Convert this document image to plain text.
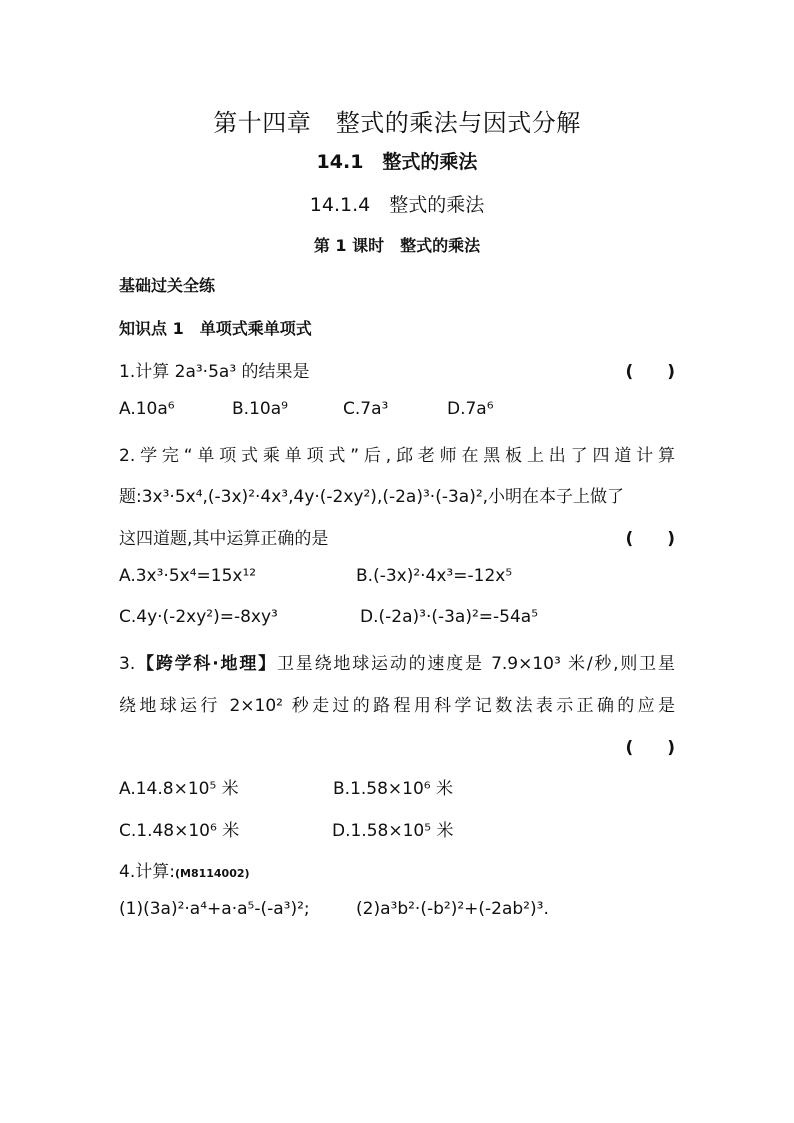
第十四章　整式的乘法与因式分解
14.1　整式的乘法
14.1.4　整式的乘法
第 1 课时　整式的乘法
基础过关全练
知识点 1　单项式乘单项式
1.计算 2a³·5a³ 的结果是	(　　)
A.10a⁶	B.10a⁹	C.7a³	D.7a⁶
2.学完“单项式乘单项式”后,邱老师在黑板上出了四道计算
题:3x³·5x⁴,(-3x)²·4x³,4y·(-2xy²),(-2a)³·(-3a)²,小明在本子上做了
这四道题,其中运算正确的是	(　　)
A.3x³·5x⁴=15x¹²	B.(-3x)²·4x³=-12x⁵
C.4y·(-2xy²)=-8xy³	D.(-2a)³·(-3a)²=-54a⁵
3.【跨学科·地理】卫星绕地球运动的速度是 7.9×10³ 米/秒,则卫星
绕地球运行 2×10² 秒走过的路程用科学记数法表示正确的应是
(　　)
A.14.8×10⁵ 米	B.1.58×10⁶ 米
C.1.48×10⁶ 米	D.1.58×10⁵ 米
4.计算:(M8114002)
(1)(3a)²·a⁴+a·a⁵-(-a³)²;	(2)a³b²·(-b²)²+(-2ab²)³.
